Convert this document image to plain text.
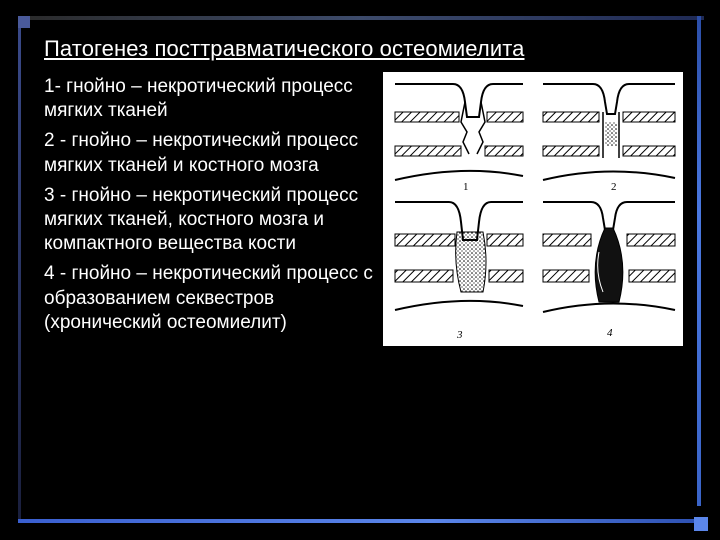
Патогенез посттравматического остеомиелита

1- гнойно – некротический процесс мягких тканей

2 - гнойно – некротический процесс мягких тканей и костного мозга

3 - гнойно – некротический процесс мягких тканей, костного мозга и компактного вещества кости

4 - гнойно – некротический процесс с образованием секвестров (хронический остеомиелит)

1	2
3	4
